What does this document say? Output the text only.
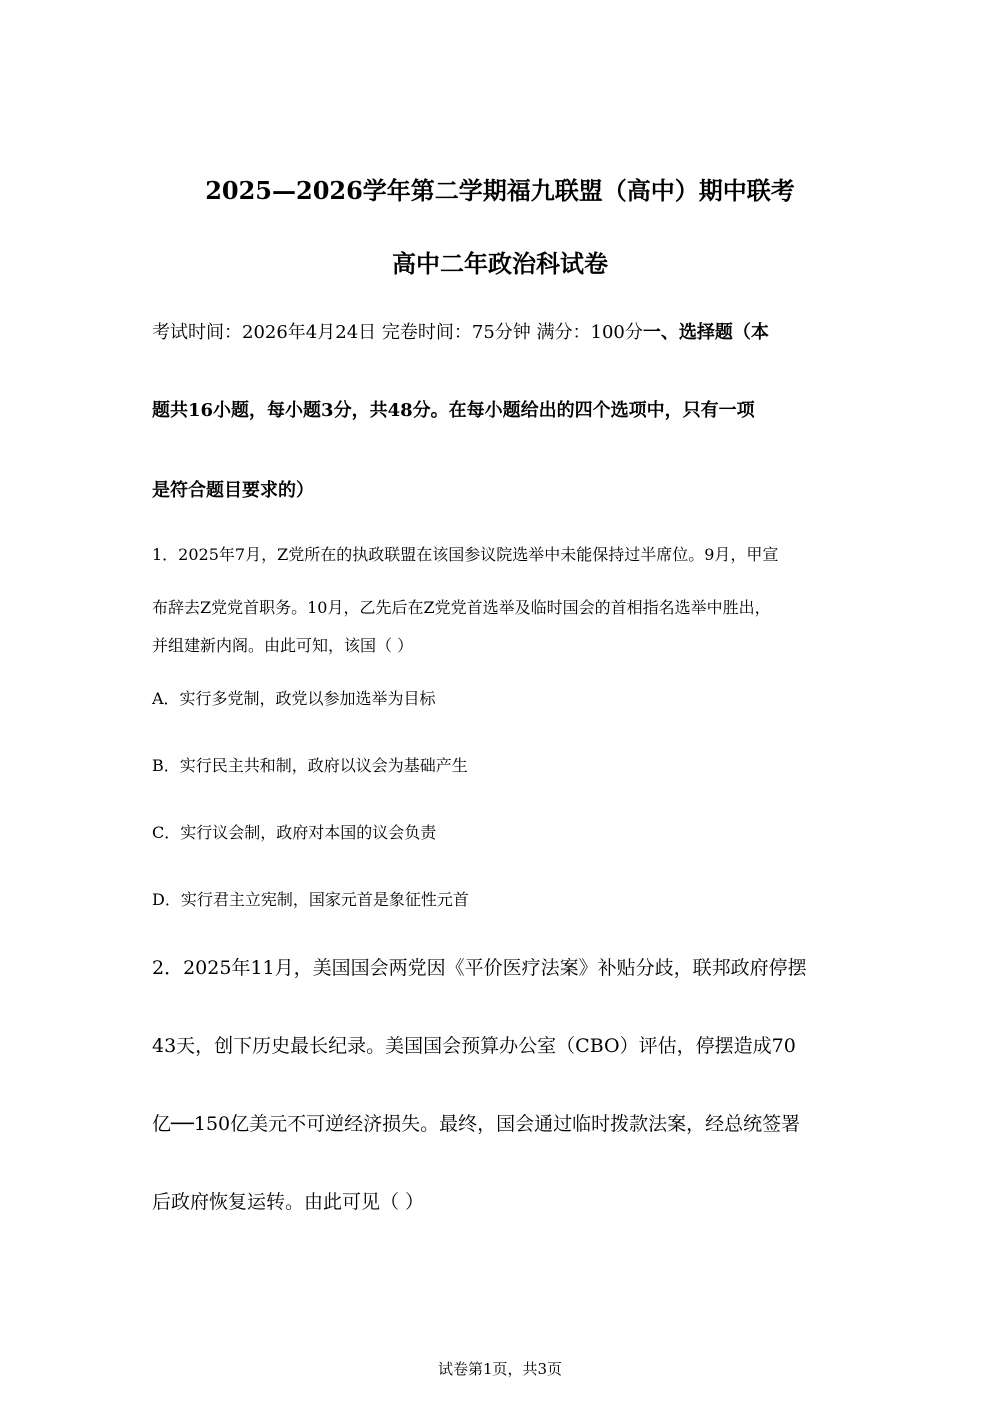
2025—2026学年第二学期福九联盟（高中）期中联考
高中二年政治科试卷
考试时间：2026年4月24日 完卷时间：75分钟 满分：100分一、选择题（本
题共16小题，每小题3分，共48分。在每小题给出的四个选项中，只有一项
是符合题目要求的）
1．2025年7月，Z党所在的执政联盟在该国参议院选举中未能保持过半席位。9月，甲宣
布辞去Z党党首职务。10月，乙先后在Z党党首选举及临时国会的首相指名选举中胜出，
并组建新内阁。由此可知，该国（ ）
A．实行多党制，政党以参加选举为目标
B．实行民主共和制，政府以议会为基础产生
C．实行议会制，政府对本国的议会负责
D．实行君主立宪制，国家元首是象征性元首
2．2025年11月，美国国会两党因《平价医疗法案》补贴分歧，联邦政府停摆
43天，创下历史最长纪录。美国国会预算办公室（CBO）评估，停摆造成70
亿──150亿美元不可逆经济损失。最终，国会通过临时拨款法案，经总统签署
后政府恢复运转。由此可见（ ）
试卷第1页，共3页
